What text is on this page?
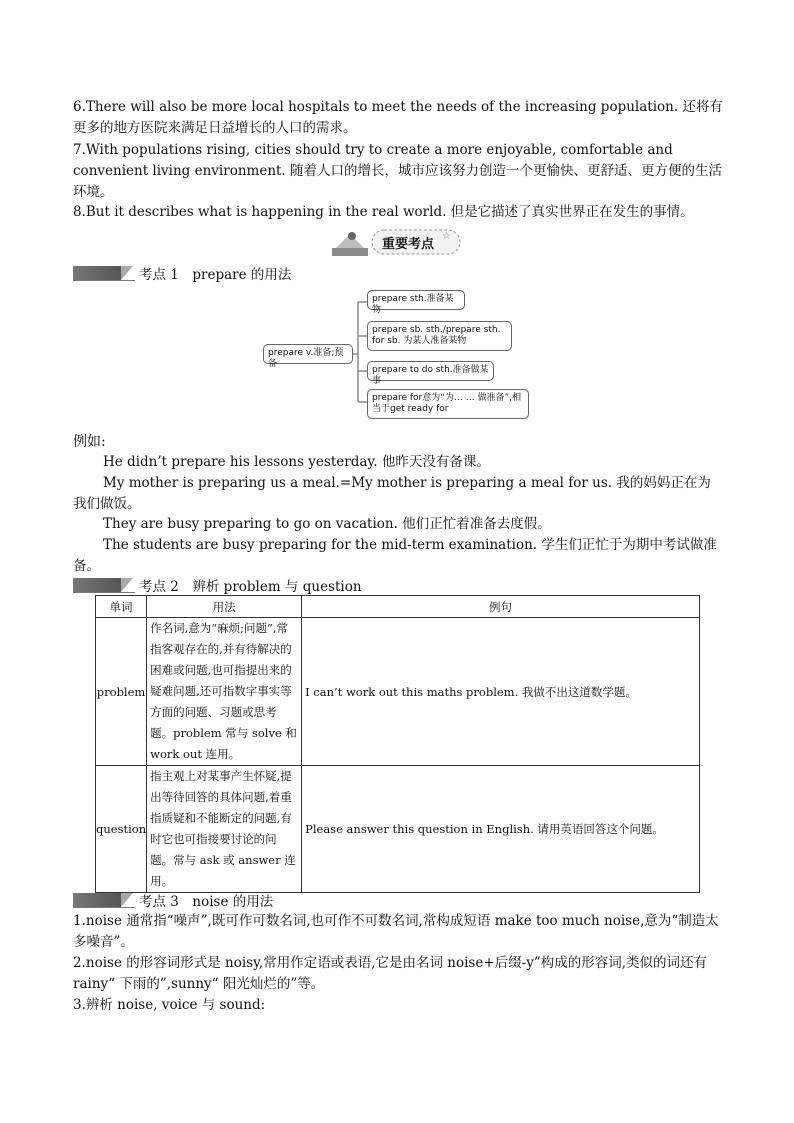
6.There will also be more local hospitals to meet the needs of the increasing population. 还将有更多的地方医院来满足日益增长的人口的需求。
7.With populations rising, cities should try to create a more enjoyable, comfortable and convenient living environment. 随着人口的增长，城市应该努力创造一个更愉快、更舒适、更方便的生活环境。
8.But it describes what is happening in the real world. 但是它描述了真实世界正在发生的事情。
重要考点
☆
考点 1　prepare 的用法
prepare v.准备;预备
prepare sth.准备某物
prepare sb. sth./prepare sth. for sb. 为某人准备某物
prepare to do sth.准备做某事
prepare for意为“为… … 做准备”,相当于get ready for
例如:
He didn’t prepare his lessons yesterday. 他昨天没有备课。
My mother is preparing us a meal.=My mother is preparing a meal for us. 我的妈妈正在为我们做饭。
They are busy preparing to go on vacation. 他们正忙着准备去度假。
The students are busy preparing for the mid-term examination. 学生们正忙于为期中考试做准备。
考点 2　辨析 problem 与 question
单词	用法	例句
problem	作名词,意为“麻烦;问题”,常指客观存在的,并有待解决的困难或问题,也可指提出来的疑难问题,还可指数字事实等方面的问题、习题或思考题。problem 常与 solve 和 work out 连用。	I can’t work out this maths problem. 我做不出这道数学题。
question	指主观上对某事产生怀疑,提出等待回答的具体问题,着重指质疑和不能断定的问题,有时它也可指接要讨论的问题。常与 ask 或 answer 连用。	Please answer this question in English. 请用英语回答这个问题。
考点 3　noise 的用法
1.noise 通常指“噪声”,既可作可数名词,也可作不可数名词,常构成短语 make too much noise,意为“制造太多噪音”。
2.noise 的形容词形式是 noisy,常用作定语或表语,它是由名词 noise+后缀-y”构成的形容词,类似的词还有 rainy“ 下雨的”,sunny“ 阳光灿烂的”等。
3.辨析 noise, voice 与 sound:
